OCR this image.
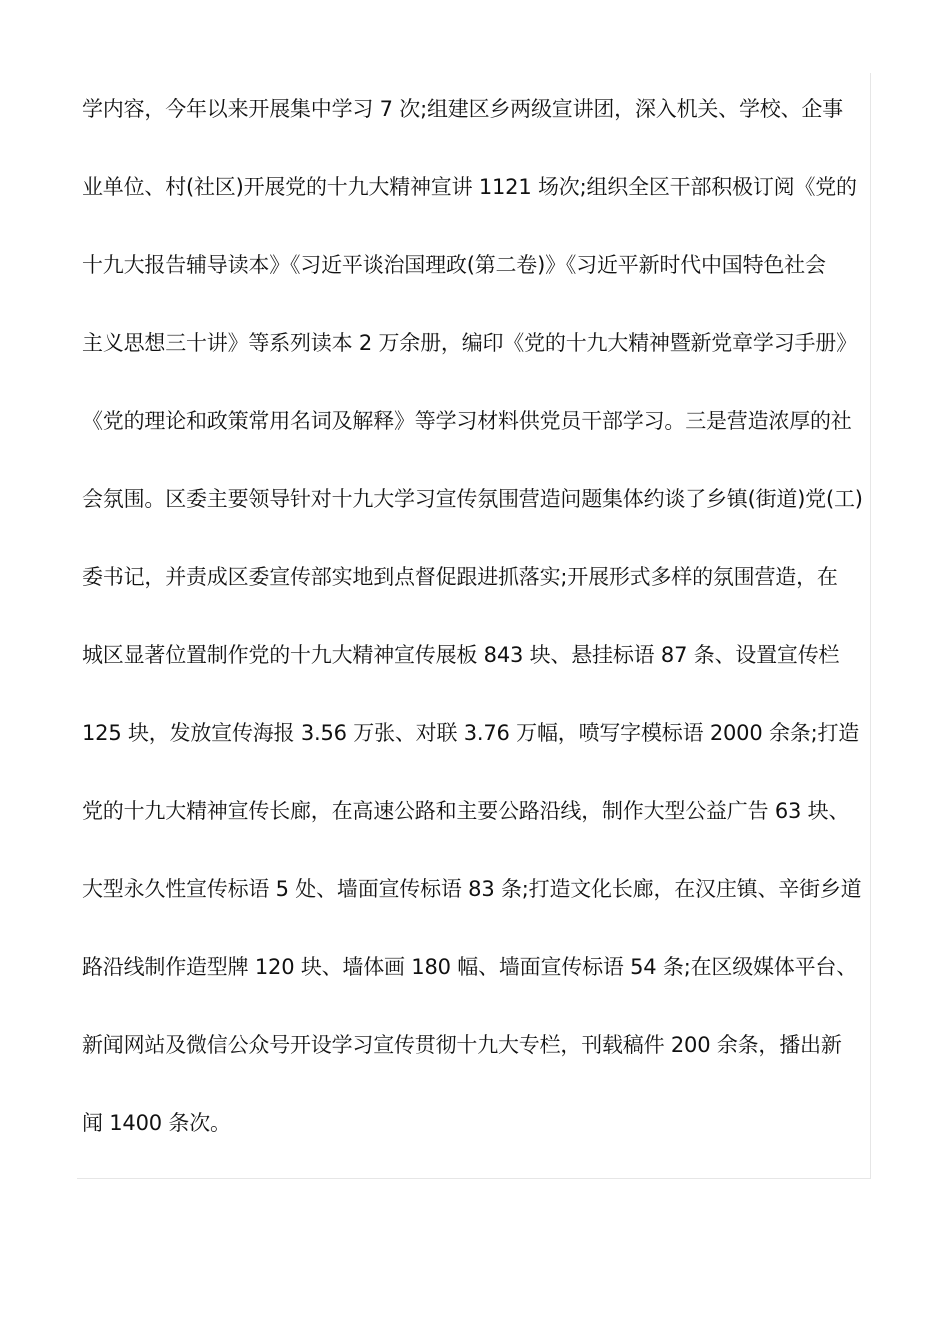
学内容，今年以来开展集中学习 7 次;组建区乡两级宣讲团，深入机关、学校、企事
业单位、村(社区)开展党的十九大精神宣讲 1121 场次;组织全区干部积极订阅《党的
十九大报告辅导读本》《习近平谈治国理政(第二卷)》《习近平新时代中国特色社会
主义思想三十讲》等系列读本 2 万余册，编印《党的十九大精神暨新党章学习手册》
《党的理论和政策常用名词及解释》等学习材料供党员干部学习。三是营造浓厚的社
会氛围。区委主要领导针对十九大学习宣传氛围营造问题集体约谈了乡镇(街道)党(工)
委书记，并责成区委宣传部实地到点督促跟进抓落实;开展形式多样的氛围营造，在
城区显著位置制作党的十九大精神宣传展板 843 块、悬挂标语 87 条、设置宣传栏
125 块，发放宣传海报 3.56 万张、对联 3.76 万幅，喷写字模标语 2000 余条;打造
党的十九大精神宣传长廊，在高速公路和主要公路沿线，制作大型公益广告 63 块、
大型永久性宣传标语 5 处、墙面宣传标语 83 条;打造文化长廊，在汉庄镇、辛街乡道
路沿线制作造型牌 120 块、墙体画 180 幅、墙面宣传标语 54 条;在区级媒体平台、
新闻网站及微信公众号开设学习宣传贯彻十九大专栏，刊载稿件 200 余条，播出新
闻 1400 条次。
